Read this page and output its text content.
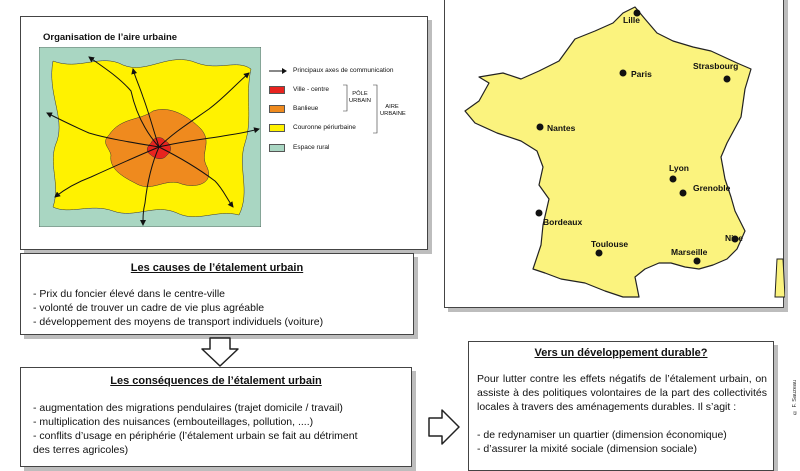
Organisation de l’aire urbaine
Principaux axes de communication
Ville - centre
Banlieue
Couronne périurbaine
Espace rural
PÔLE URBAIN
AIRE URBAINE
Lille
Paris
Strasbourg
Nantes
Lyon
Grenoble
Bordeaux
Toulouse
Marseille
Nice
Les causes de l’étalement urbain
- Prix du foncier élevé dans le centre-ville
- volonté de trouver un cadre de vie plus agréable
- développement des moyens de transport individuels (voiture)
Les conséquences de l’étalement urbain
- augmentation des migrations pendulaires (trajet domicile / travail)
- multiplication des nuisances (embouteillages, pollution, ....)
- conflits d’usage en périphérie (l’étalement urbain se fait au détriment
des terres agricoles)
Vers un développement durable?
Pour lutter contre les effets négatifs de l’étalement urbain, on assiste à des politiques volontaires de la part des collectivités locales à travers des aménagements durables. Il s’agit :
- de redynamiser un quartier (dimension économique)
- d’assurer la mixité sociale (dimension sociale)
© F. Sauzeau
